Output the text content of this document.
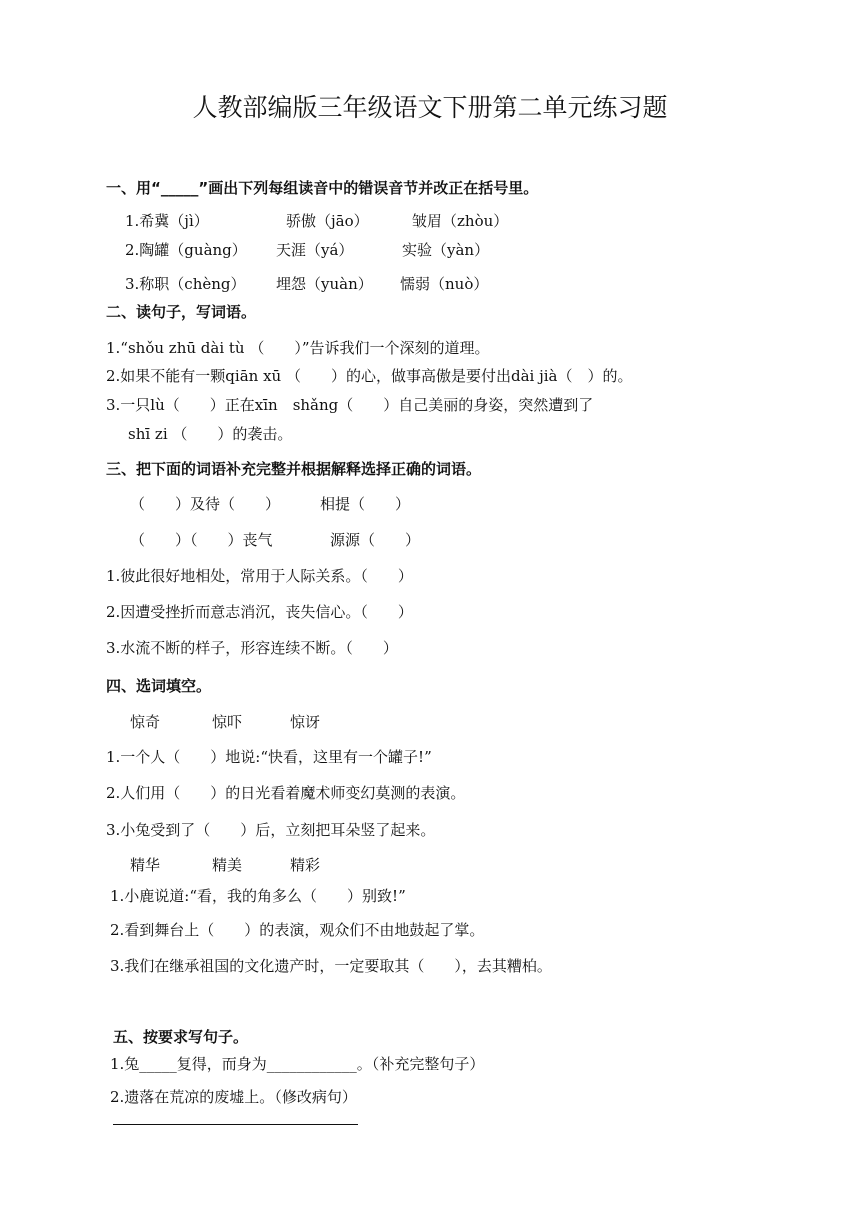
人教部编版三年级语文下册第二单元练习题
一、用“_____”画出下列每组读音中的错误音节并改正在括号里。
1.希冀（jì）	骄傲（jāo）	皱眉（zhòu）
2.陶罐（guàng） 天涯（yá）	实验（yàn）
3.称职（chèng） 埋怨（yuàn） 懦弱（nuò）
二、读句子，写词语。
1.“shǒu zhū dài tù （　　）”告诉我们一个深刻的道理。
2.如果不能有一颗qiān xū （　　）的心，做事高傲是要付出dài jià（　）的。
3.一只lù（　　）正在xīn　shǎng（　　）自己美丽的身姿，突然遭到了
shī zi （　　）的袭击。
三、把下面的词语补充完整并根据解释选择正确的词语。
（　　）及待（　　）	相提（　　）
（　　）（　　）丧气	源源（　　）
1.彼此很好地相处，常用于人际关系。（　　）
2.因遭受挫折而意志消沉，丧失信心。（　　）
3.水流不断的样子，形容连续不断。（　　）
四、选词填空。
惊奇	惊吓	惊讶
1.一个人（　　）地说:“快看，这里有一个罐子!”
2.人们用（　　）的日光看着魔术师变幻莫测的表演。
3.小兔受到了（　　）后，立刻把耳朵竖了起来。
精华	精美	精彩
1.小鹿说道:“看，我的角多么（　　）别致!”
2.看到舞台上（　　）的表演，观众们不由地鼓起了掌。
3.我们在继承祖国的文化遗产时，一定要取其（　　），去其糟柏。
五、按要求写句子。
1.兔_____复得，而身为____________。（补充完整句子）
2.遗落在荒凉的废墟上。（修改病句）
